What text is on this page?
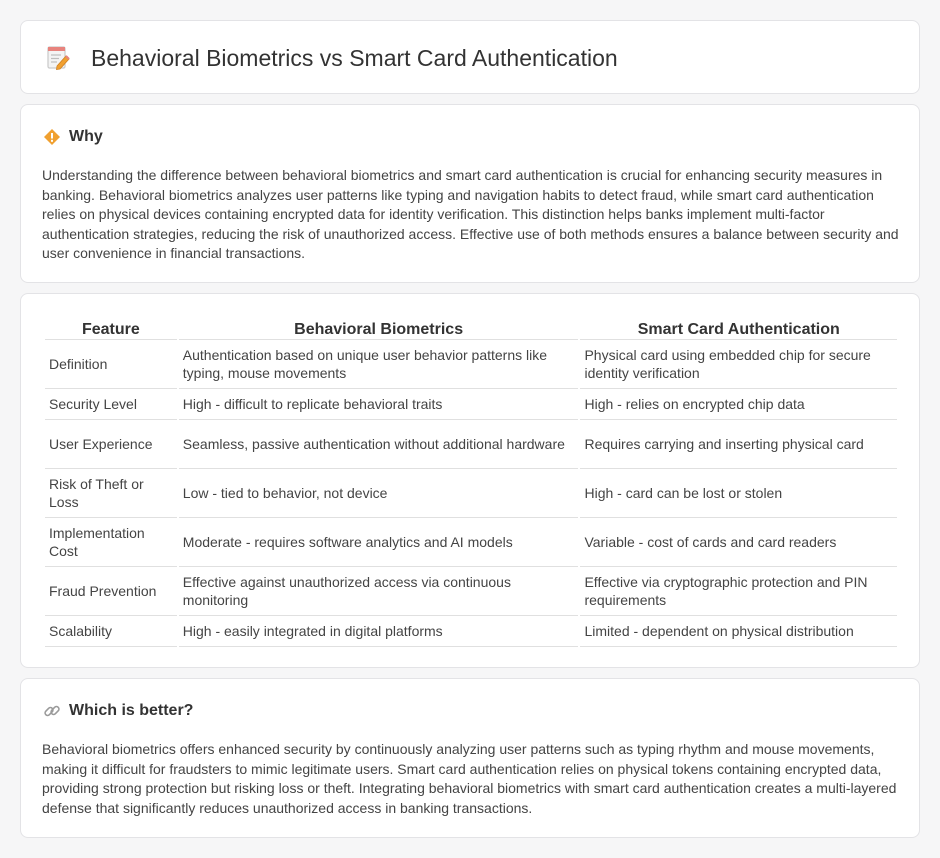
Behavioral Biometrics vs Smart Card Authentication
Why

Understanding the difference between behavioral biometrics and smart card authentication is crucial for enhancing security measures in banking. Behavioral biometrics analyzes user patterns like typing and navigation habits to detect fraud, while smart card authentication relies on physical devices containing encrypted data for identity verification. This distinction helps banks implement multi-factor authentication strategies, reducing the risk of unauthorized access. Effective use of both methods ensures a balance between security and user convenience in financial transactions.

Feature	Behavioral Biometrics	Smart Card Authentication
Definition	Authentication based on unique user behavior patterns like typing, mouse movements	Physical card using embedded chip for secure identity verification
Security Level	High - difficult to replicate behavioral traits	High - relies on encrypted chip data
User Experience	Seamless, passive authentication without additional hardware	Requires carrying and inserting physical card
Risk of Theft or Loss	Low - tied to behavior, not device	High - card can be lost or stolen
Implementation Cost	Moderate - requires software analytics and AI models	Variable - cost of cards and card readers
Fraud Prevention	Effective against unauthorized access via continuous monitoring	Effective via cryptographic protection and PIN requirements
Scalability	High - easily integrated in digital platforms	Limited - dependent on physical distribution
Which is better?

Behavioral biometrics offers enhanced security by continuously analyzing user patterns such as typing rhythm and mouse movements, making it difficult for fraudsters to mimic legitimate users. Smart card authentication relies on physical tokens containing encrypted data, providing strong protection but risking loss or theft. Integrating behavioral biometrics with smart card authentication creates a multi-layered defense that significantly reduces unauthorized access in banking transactions.
